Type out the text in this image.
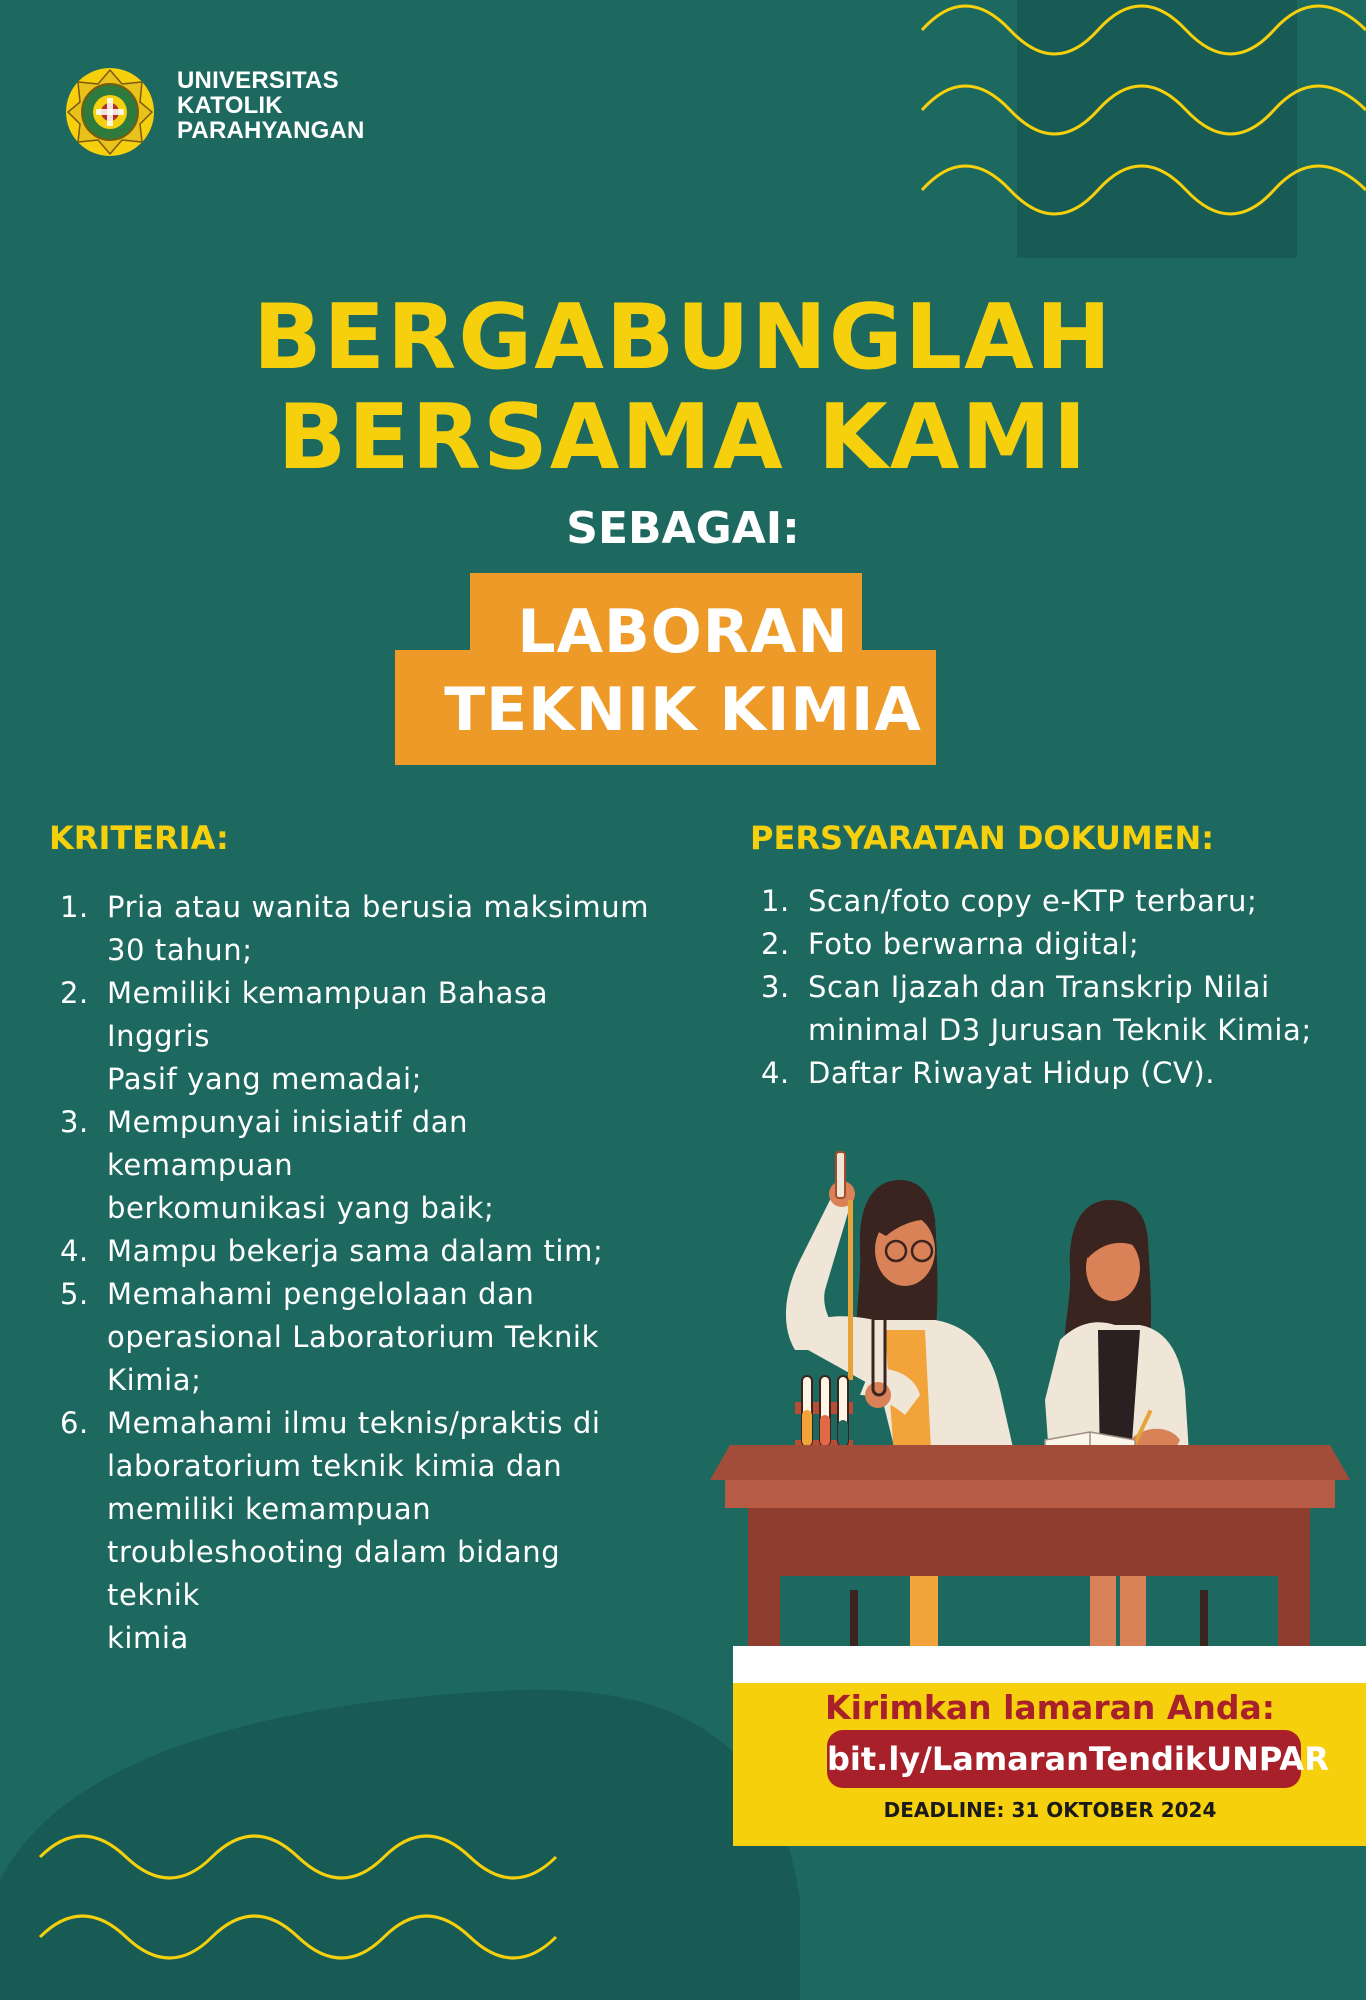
UNIVERSITAS
KATOLIK
PARAHYANGAN
BERGABUNGLAH
BERSAMA KAMI
SEBAGAI:
LABORAN
TEKNIK KIMIA
KRITERIA:
1. Pria atau wanita berusia maksimum
30 tahun;
2. Memiliki kemampuan Bahasa Inggris
Pasif yang memadai;
3. Mempunyai inisiatif dan kemampuan
berkomunikasi yang baik;
4. Mampu bekerja sama dalam tim;
5. Memahami pengelolaan dan
operasional Laboratorium Teknik
Kimia;
6. Memahami ilmu teknis/praktis di
laboratorium teknik kimia dan
memiliki kemampuan
troubleshooting dalam bidang teknik
kimia
PERSYARATAN DOKUMEN:
1. Scan/foto copy e-KTP terbaru;
2. Foto berwarna digital;
3. Scan Ijazah dan Transkrip Nilai
minimal D3 Jurusan Teknik Kimia;
4. Daftar Riwayat Hidup (CV).
Kirimkan lamaran Anda:
bit.ly/LamaranTendikUNPAR
DEADLINE: 31 OKTOBER 2024
